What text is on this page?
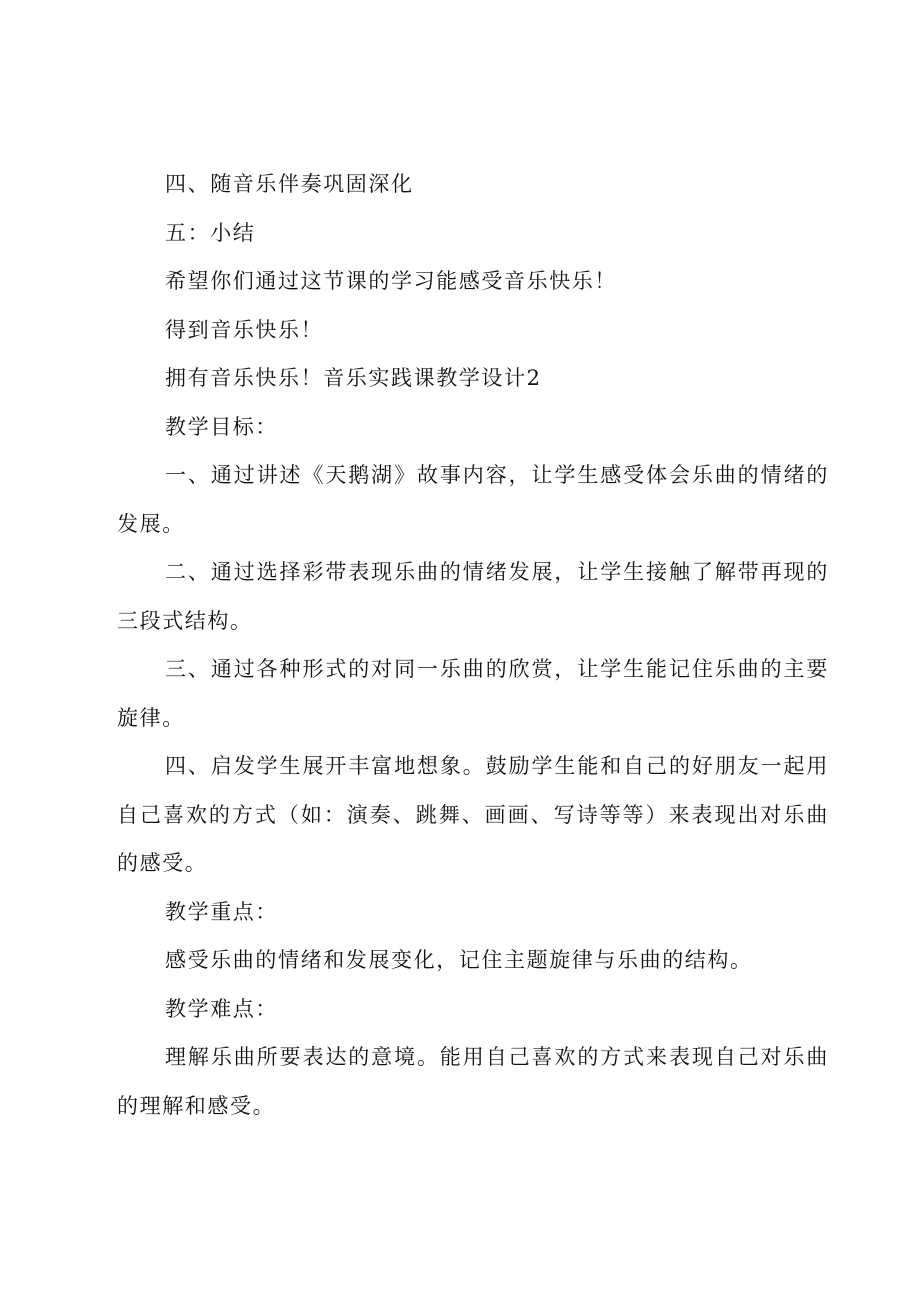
四、随音乐伴奏巩固深化

五：小结

希望你们通过这节课的学习能感受音乐快乐！

得到音乐快乐！

拥有音乐快乐！音乐实践课教学设计2

教学目标：

一、通过讲述《天鹅湖》故事内容，让学生感受体会乐曲的情绪的发展。

二、通过选择彩带表现乐曲的情绪发展，让学生接触了解带再现的三段式结构。

三、通过各种形式的对同一乐曲的欣赏，让学生能记住乐曲的主要旋律。

四、启发学生展开丰富地想象。鼓励学生能和自己的好朋友一起用自己喜欢的方式（如：演奏、跳舞、画画、写诗等等）来表现出对乐曲的感受。

教学重点：

感受乐曲的情绪和发展变化，记住主题旋律与乐曲的结构。

教学难点：

理解乐曲所要表达的意境。能用自己喜欢的方式来表现自己对乐曲的理解和感受。
